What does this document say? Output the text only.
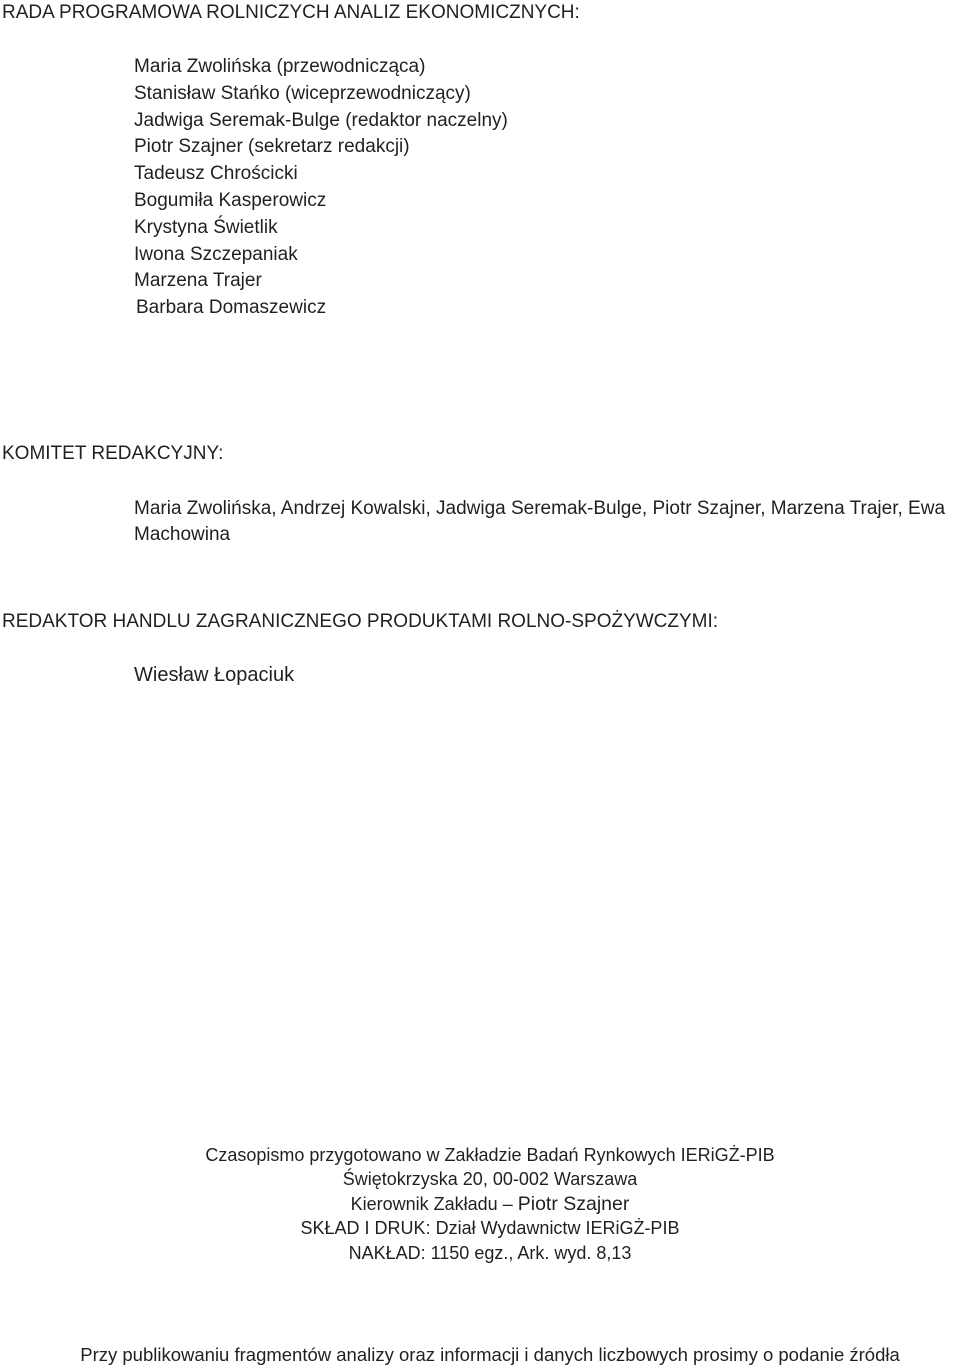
RADA PROGRAMOWA ROLNICZYCH ANALIZ EKONOMICZNYCH:
Maria Zwolińska (przewodnicząca)
Stanisław Stańko (wiceprzewodniczący)
Jadwiga Seremak-Bulge (redaktor naczelny)
Piotr Szajner (sekretarz redakcji)
Tadeusz Chrościcki
Bogumiła Kasperowicz
Krystyna Świetlik
Iwona Szczepaniak
Marzena Trajer
Barbara Domaszewicz
KOMITET REDAKCYJNY:
Maria Zwolińska, Andrzej Kowalski, Jadwiga Seremak-Bulge, Piotr Szajner, Marzena Trajer, Ewa Machowina
REDAKTOR HANDLU ZAGRANICZNEGO PRODUKTAMI ROLNO-SPOŻYWCZYMI:
Wiesław Łopaciuk
Czasopismo przygotowano w Zakładzie Badań Rynkowych IERiGŻ-PIB
Świętokrzyska 20, 00-002 Warszawa
Kierownik Zakładu – Piotr Szajner
SKŁAD I DRUK: Dział Wydawnictw IERiGŻ-PIB
NAKŁAD: 1150 egz., Ark. wyd. 8,13
Przy publikowaniu fragmentów analizy oraz informacji i danych liczbowych prosimy o podanie źródła
